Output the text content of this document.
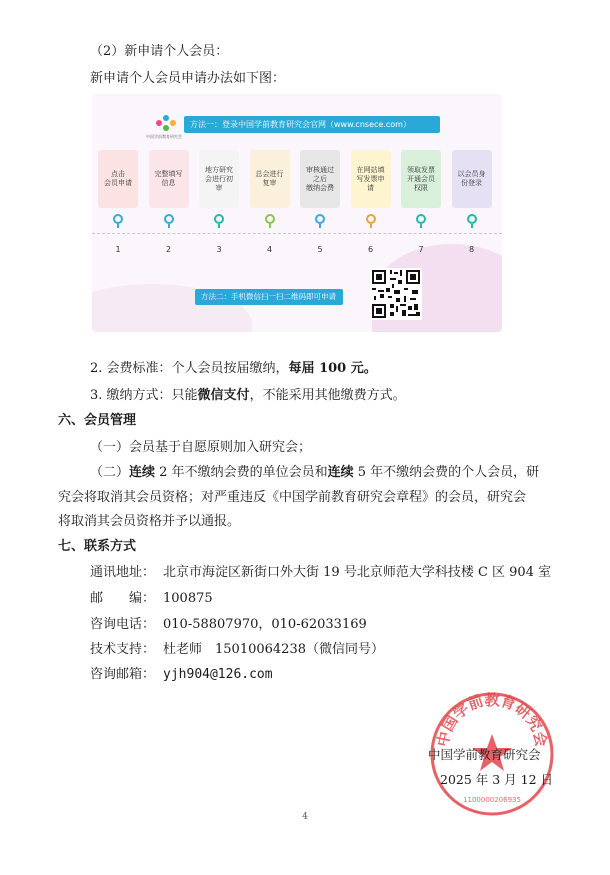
（2）新申请个人会员：
新申请个人会员申请办法如下图：
中国学前教育研究会
方法一：登录中国学前教育研究会官网（www.cnsece.com）
点击
会员申请
1
完整填写
信息
2
地方研究
会进行初
审
3
总会进行
复审
4
审核通过
之后
缴纳会费
5
在网站填
写发票申
请
6
领取发票
开通会员
权限
7
以会员身
份登录
8
方法二：手机微信扫一扫二维码即可申请
2. 会费标准：个人会员按届缴纳，每届 100 元。
3. 缴纳方式：只能微信支付，不能采用其他缴费方式。
六、会员管理
（一）会员基于自愿原则加入研究会；
（二）连续 2 年不缴纳会费的单位会员和连续 5 年不缴纳会费的个人会员，研
究会将取消其会员资格；对严重违反《中国学前教育研究会章程》的会员，研究会
将取消其会员资格并予以通报。
七、联系方式
通讯地址： 北京市海淀区新街口外大街 19 号北京师范大学科技楼 C 区 904 室
邮　　编： 100875
咨询电话： 010-58807970，010-62033169
技术支持： 杜老师　15010064238（微信同号）
咨询邮箱： yjh904@126.com
中国学前教育研究会
1100000206935
中国学前教育研究会
2025 年 3 月 12 日
4
